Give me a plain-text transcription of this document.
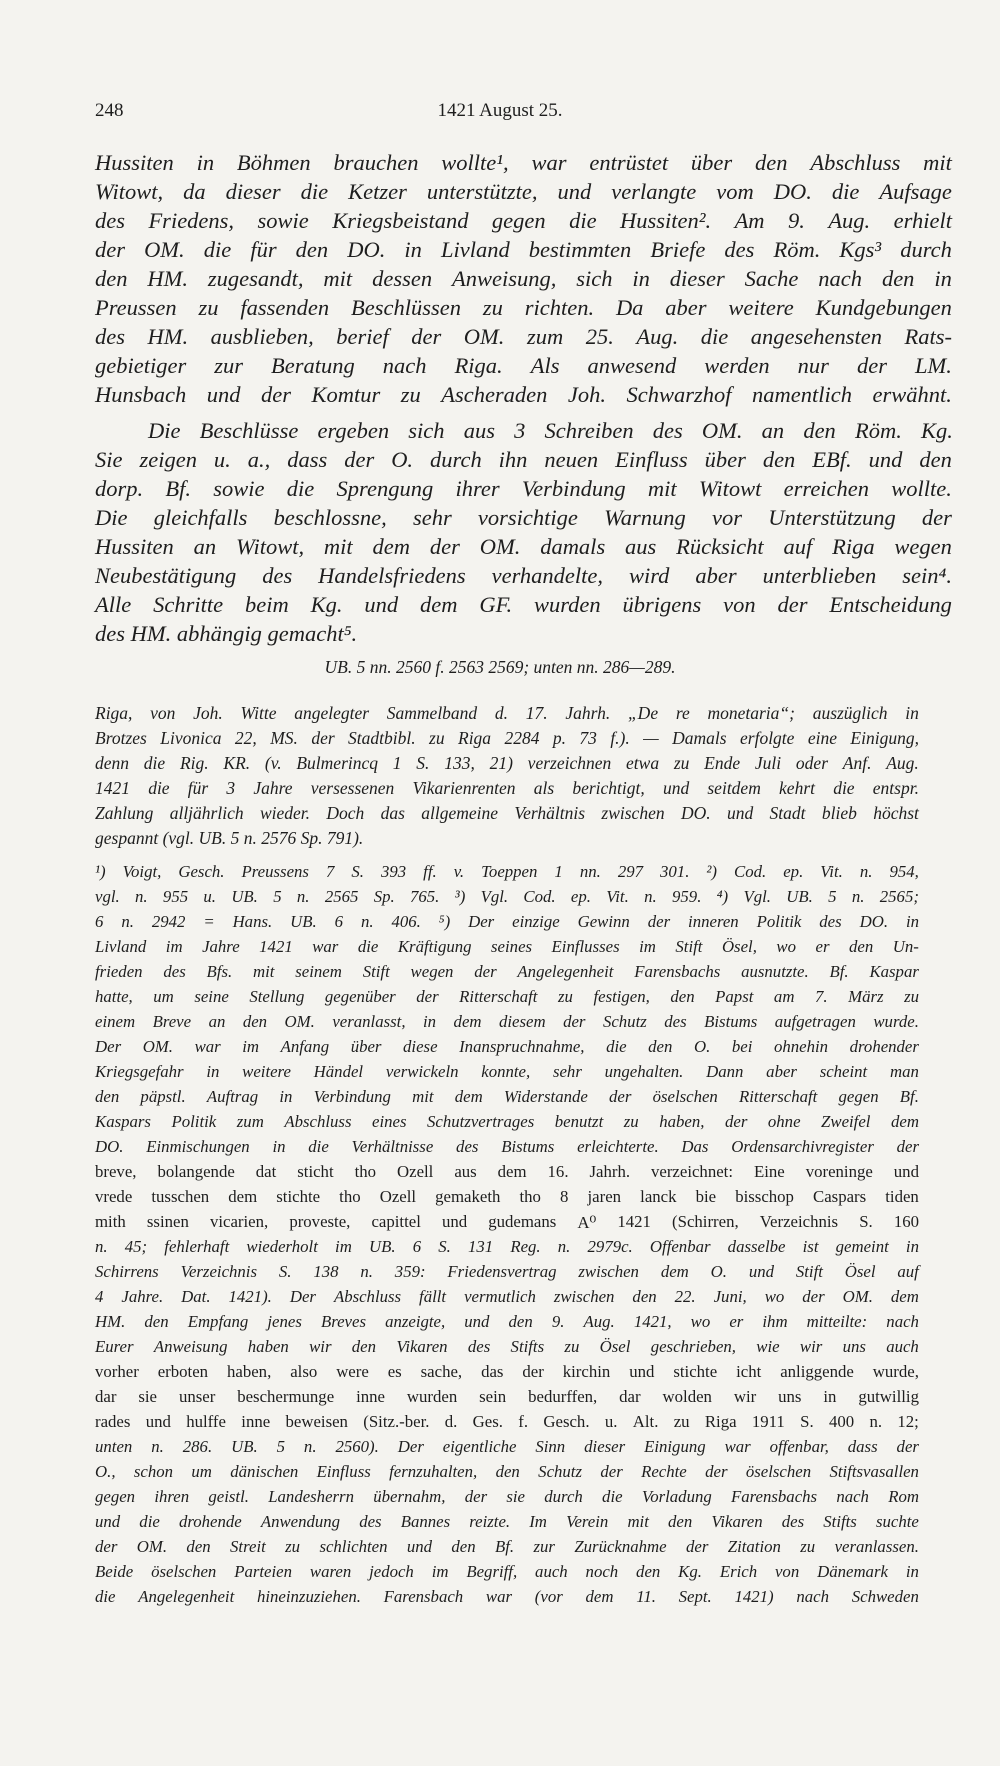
248	1421 August 25.
Hussiten in Böhmen brauchen wollte¹, war entrüstet über den Abschluss mit
Witowt, da dieser die Ketzer unterstützte, und verlangte vom DO. die Aufsage
des Friedens, sowie Kriegsbeistand gegen die Hussiten². Am 9. Aug. erhielt
der OM. die für den DO. in Livland bestimmten Briefe des Röm. Kgs³ durch
den HM. zugesandt, mit dessen Anweisung, sich in dieser Sache nach den in
Preussen zu fassenden Beschlüssen zu richten. Da aber weitere Kundgebungen
des HM. ausblieben, berief der OM. zum 25. Aug. die angesehensten Rats-
gebietiger zur Beratung nach Riga. Als anwesend werden nur der LM.
Hunsbach und der Komtur zu Ascheraden Joh. Schwarzhof namentlich erwähnt.
Die Beschlüsse ergeben sich aus 3 Schreiben des OM. an den Röm. Kg.
Sie zeigen u. a., dass der O. durch ihn neuen Einfluss über den EBf. und den
dorp. Bf. sowie die Sprengung ihrer Verbindung mit Witowt erreichen wollte.
Die gleichfalls beschlossne, sehr vorsichtige Warnung vor Unterstützung der
Hussiten an Witowt, mit dem der OM. damals aus Rücksicht auf Riga wegen
Neubestätigung des Handelsfriedens verhandelte, wird aber unterblieben sein⁴.
Alle Schritte beim Kg. und dem GF. wurden übrigens von der Entscheidung
des HM. abhängig gemacht⁵.
UB. 5 nn. 2560 f. 2563 2569; unten nn. 286—289.
Riga, von Joh. Witte angelegter Sammelband d. 17. Jahrh. „De re monetaria“; auszüglich in
Brotzes Livonica 22, MS. der Stadtbibl. zu Riga 2284 p. 73 f.). — Damals erfolgte eine Einigung,
denn die Rig. KR. (v. Bulmerincq 1 S. 133, 21) verzeichnen etwa zu Ende Juli oder Anf. Aug.
1421 die für 3 Jahre versessenen Vikarienrenten als berichtigt, und seitdem kehrt die entspr.
Zahlung alljährlich wieder. Doch das allgemeine Verhältnis zwischen DO. und Stadt blieb höchst
gespannt (vgl. UB. 5 n. 2576 Sp. 791).
¹) Voigt, Gesch. Preussens 7 S. 393 ff. v. Toeppen 1 nn. 297 301. ²) Cod. ep. Vit. n. 954,
vgl. n. 955 u. UB. 5 n. 2565 Sp. 765. ³) Vgl. Cod. ep. Vit. n. 959. ⁴) Vgl. UB. 5 n. 2565;
6 n. 2942 = Hans. UB. 6 n. 406. ⁵) Der einzige Gewinn der inneren Politik des DO. in
Livland im Jahre 1421 war die Kräftigung seines Einflusses im Stift Ösel, wo er den Un-
frieden des Bfs. mit seinem Stift wegen der Angelegenheit Farensbachs ausnutzte. Bf. Kaspar
hatte, um seine Stellung gegenüber der Ritterschaft zu festigen, den Papst am 7. März zu
einem Breve an den OM. veranlasst, in dem diesem der Schutz des Bistums aufgetragen wurde.
Der OM. war im Anfang über diese Inanspruchnahme, die den O. bei ohnehin drohender
Kriegsgefahr in weitere Händel verwickeln konnte, sehr ungehalten. Dann aber scheint man
den päpstl. Auftrag in Verbindung mit dem Widerstande der öselschen Ritterschaft gegen Bf.
Kaspars Politik zum Abschluss eines Schutzvertrages benutzt zu haben, der ohne Zweifel dem
DO. Einmischungen in die Verhältnisse des Bistums erleichterte. Das Ordensarchivregister der
breve, bolangende dat sticht tho Ozell aus dem 16. Jahrh. verzeichnet: Eine voreninge und
vrede tusschen dem stichte tho Ozell gemaketh tho 8 jaren lanck bie bisschop Caspars tiden
mith ssinen vicarien, proveste, capittel und gudemans A⁰ 1421 (Schirren, Verzeichnis S. 160
n. 45; fehlerhaft wiederholt im UB. 6 S. 131 Reg. n. 2979c. Offenbar dasselbe ist gemeint in
Schirrens Verzeichnis S. 138 n. 359: Friedensvertrag zwischen dem O. und Stift Ösel auf
4 Jahre. Dat. 1421). Der Abschluss fällt vermutlich zwischen den 22. Juni, wo der OM. dem
HM. den Empfang jenes Breves anzeigte, und den 9. Aug. 1421, wo er ihm mitteilte: nach
Eurer Anweisung haben wir den Vikaren des Stifts zu Ösel geschrieben, wie wir uns auch
vorher erboten haben, also were es sache, das der kirchin und stichte icht anliggende wurde,
dar sie unser beschermunge inne wurden sein bedurffen, dar wolden wir uns in gutwillig
rades und hulffe inne beweisen (Sitz.-ber. d. Ges. f. Gesch. u. Alt. zu Riga 1911 S. 400 n. 12;
unten n. 286. UB. 5 n. 2560). Der eigentliche Sinn dieser Einigung war offenbar, dass der
O., schon um dänischen Einfluss fernzuhalten, den Schutz der Rechte der öselschen Stiftsvasallen
gegen ihren geistl. Landesherrn übernahm, der sie durch die Vorladung Farensbachs nach Rom
und die drohende Anwendung des Bannes reizte. Im Verein mit den Vikaren des Stifts suchte
der OM. den Streit zu schlichten und den Bf. zur Zurücknahme der Zitation zu veranlassen.
Beide öselschen Parteien waren jedoch im Begriff, auch noch den Kg. Erich von Dänemark in
die Angelegenheit hineinzuziehen. Farensbach war (vor dem 11. Sept. 1421) nach Schweden
